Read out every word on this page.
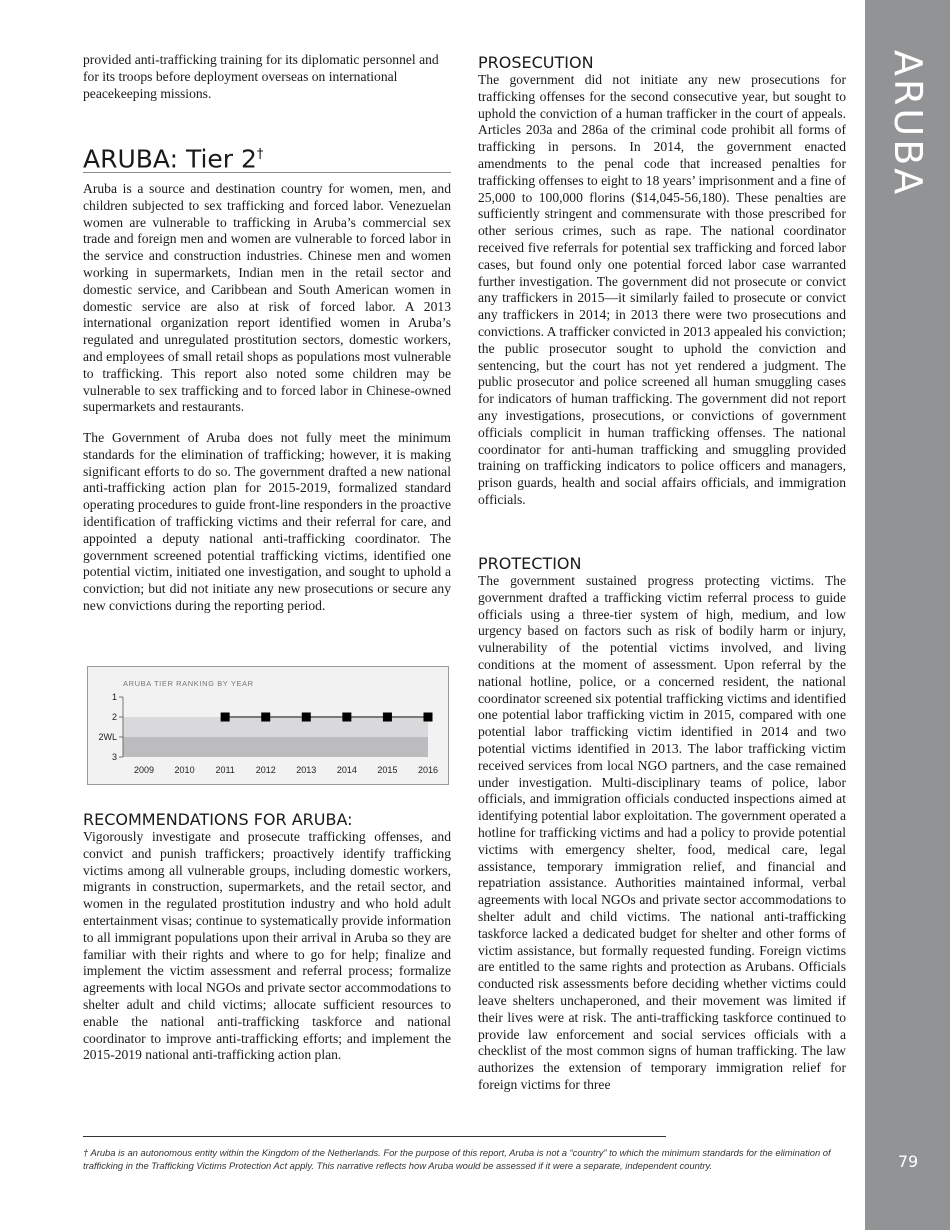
ARUBA
79

provided anti-trafficking training for its diplomatic personnel and for its troops before deployment overseas on international peacekeeping missions.

ARUBA: Tier 2†

Aruba is a source and destination country for women, men, and children subjected to sex trafficking and forced labor. Venezuelan women are vulnerable to trafficking in Aruba’s commercial sex trade and foreign men and women are vulnerable to forced labor in the service and construction industries. Chinese men and women working in supermarkets, Indian men in the retail sector and domestic service, and Caribbean and South American women in domestic service are also at risk of forced labor. A 2013 international organization report identified women in Aruba’s regulated and unregulated prostitution sectors, domestic workers, and employees of small retail shops as populations most vulnerable to trafficking. This report also noted some children may be vulnerable to sex trafficking and to forced labor in Chinese-owned supermarkets and restaurants.

The Government of Aruba does not fully meet the minimum standards for the elimination of trafficking; however, it is making significant efforts to do so. The government drafted a new national anti-trafficking action plan for 2015-2019, formalized standard operating procedures to guide front-line responders in the proactive identification of trafficking victims and their referral for care, and appointed a deputy national anti-trafficking coordinator. The government screened potential trafficking victims, identified one potential victim, initiated one investigation, and sought to uphold a conviction; but did not initiate any new prosecutions or secure any new convictions during the reporting period.

ARUBA TIER RANKING BY YEAR
1
2
2WL
3
2009 2010 2011 2012 2013 2014 2015 2016
RECOMMENDATIONS FOR ARUBA:

Vigorously investigate and prosecute trafficking offenses, and convict and punish traffickers; proactively identify trafficking victims among all vulnerable groups, including domestic workers, migrants in construction, supermarkets, and the retail sector, and women in the regulated prostitution industry and who hold adult entertainment visas; continue to systematically provide information to all immigrant populations upon their arrival in Aruba so they are familiar with their rights and where to go for help; finalize and implement the victim assessment and referral process; formalize agreements with local NGOs and private sector accommodations to shelter adult and child victims; allocate sufficient resources to enable the national anti-trafficking taskforce and national coordinator to improve anti-trafficking efforts; and implement the 2015-2019 national anti-trafficking action plan.

PROSECUTION

The government did not initiate any new prosecutions for trafficking offenses for the second consecutive year, but sought to uphold the conviction of a human trafficker in the court of appeals. Articles 203a and 286a of the criminal code prohibit all forms of trafficking in persons. In 2014, the government enacted amendments to the penal code that increased penalties for trafficking offenses to eight to 18 years’ imprisonment and a fine of 25,000 to 100,000 florins ($14,045-56,180). These penalties are sufficiently stringent and commensurate with those prescribed for other serious crimes, such as rape. The national coordinator received five referrals for potential sex trafficking and forced labor cases, but found only one potential forced labor case warranted further investigation. The government did not prosecute or convict any traffickers in 2015—it similarly failed to prosecute or convict any traffickers in 2014; in 2013 there were two prosecutions and convictions. A trafficker convicted in 2013 appealed his conviction; the public prosecutor sought to uphold the conviction and sentencing, but the court has not yet rendered a judgment. The public prosecutor and police screened all human smuggling cases for indicators of human trafficking. The government did not report any investigations, prosecutions, or convictions of government officials complicit in human trafficking offenses. The national coordinator for anti-human trafficking and smuggling provided training on trafficking indicators to police officers and managers, prison guards, health and social affairs officials, and immigration officials.

PROTECTION

The government sustained progress protecting victims. The government drafted a trafficking victim referral process to guide officials using a three-tier system of high, medium, and low urgency based on factors such as risk of bodily harm or injury, vulnerability of the potential victims involved, and living conditions at the moment of assessment. Upon referral by the national hotline, police, or a concerned resident, the national coordinator screened six potential trafficking victims and identified one potential labor trafficking victim in 2015, compared with one potential labor trafficking victim identified in 2014 and two potential victims identified in 2013. The labor trafficking victim received services from local NGO partners, and the case remained under investigation. Multi-disciplinary teams of police, labor officials, and immigration officials conducted inspections aimed at identifying potential labor exploitation. The government operated a hotline for trafficking victims and had a policy to provide potential victims with emergency shelter, food, medical care, legal assistance, temporary immigration relief, and financial and repatriation assistance. Authorities maintained informal, verbal agreements with local NGOs and private sector accommodations to shelter adult and child victims. The national anti-trafficking taskforce lacked a dedicated budget for shelter and other forms of victim assistance, but formally requested funding. Foreign victims are entitled to the same rights and protection as Arubans. Officials conducted risk assessments before deciding whether victims could leave shelters unchaperoned, and their movement was limited if their lives were at risk. The anti-trafficking taskforce continued to provide law enforcement and social services officials with a checklist of the most common signs of human trafficking. The law authorizes the extension of temporary immigration relief for foreign victims for three

† Aruba is an autonomous entity within the Kingdom of the Netherlands. For the purpose of this report, Aruba is not a “country” to which the minimum standards for the elimination of trafficking in the Trafficking Victims Protection Act apply. This narrative reflects how Aruba would be assessed if it were a separate, independent country.
